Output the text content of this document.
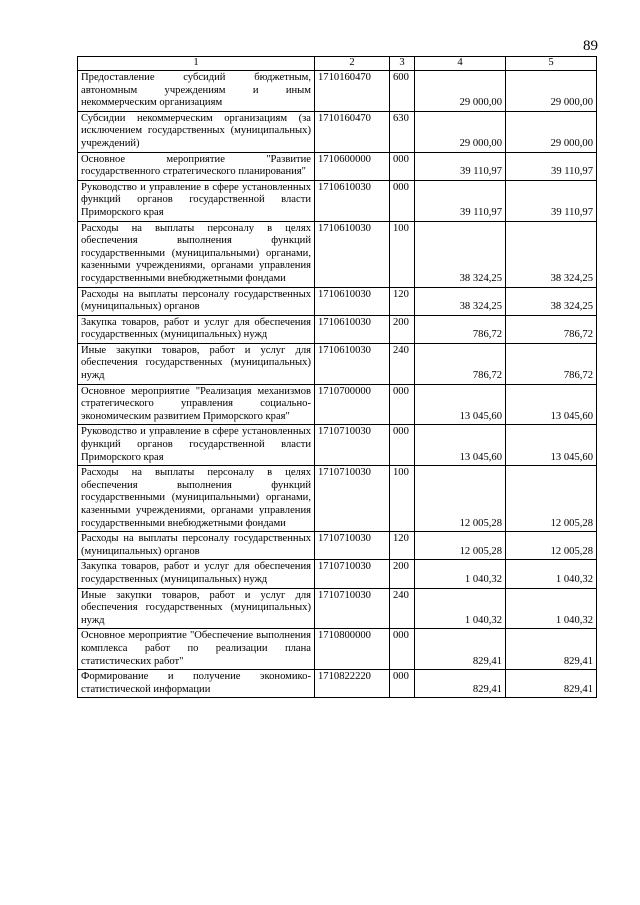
89
1	2	3	4	5
Предоставление субсидий бюджетным, автономным учреждениям и иным некоммерческим организациям	1710160470	600	29 000,00	29 000,00
Субсидии некоммерческим организациям (за исключением государственных (муниципальных) учреждений)	1710160470	630	29 000,00	29 000,00
Основное мероприятие "Развитие государственного стратегического планирования"	1710600000	000	39 110,97	39 110,97
Руководство и управление в сфере установленных функций органов государственной власти Приморского края	1710610030	000	39 110,97	39 110,97
Расходы на выплаты персоналу в целях обеспечения выполнения функций государственными (муниципальными) органами, казенными учреждениями, органами управления государственными внебюджетными фондами	1710610030	100	38 324,25	38 324,25
Расходы на выплаты персоналу государственных (муниципальных) органов	1710610030	120	38 324,25	38 324,25
Закупка товаров, работ и услуг для обеспечения государственных (муниципальных) нужд	1710610030	200	786,72	786,72
Иные закупки товаров, работ и услуг для обеспечения государственных (муниципальных) нужд	1710610030	240	786,72	786,72
Основное мероприятие "Реализация механизмов стратегического управления социально-экономическим развитием Приморского края"	1710700000	000	13 045,60	13 045,60
Руководство и управление в сфере установленных функций органов государственной власти Приморского края	1710710030	000	13 045,60	13 045,60
Расходы на выплаты персоналу в целях обеспечения выполнения функций государственными (муниципальными) органами, казенными учреждениями, органами управления государственными внебюджетными фондами	1710710030	100	12 005,28	12 005,28
Расходы на выплаты персоналу государственных (муниципальных) органов	1710710030	120	12 005,28	12 005,28
Закупка товаров, работ и услуг для обеспечения государственных (муниципальных) нужд	1710710030	200	1 040,32	1 040,32
Иные закупки товаров, работ и услуг для обеспечения государственных (муниципальных) нужд	1710710030	240	1 040,32	1 040,32
Основное мероприятие "Обеспечение выполнения комплекса работ по реализации плана статистических работ"	1710800000	000	829,41	829,41
Формирование и получение экономико-статистической информации	1710822220	000	829,41	829,41
